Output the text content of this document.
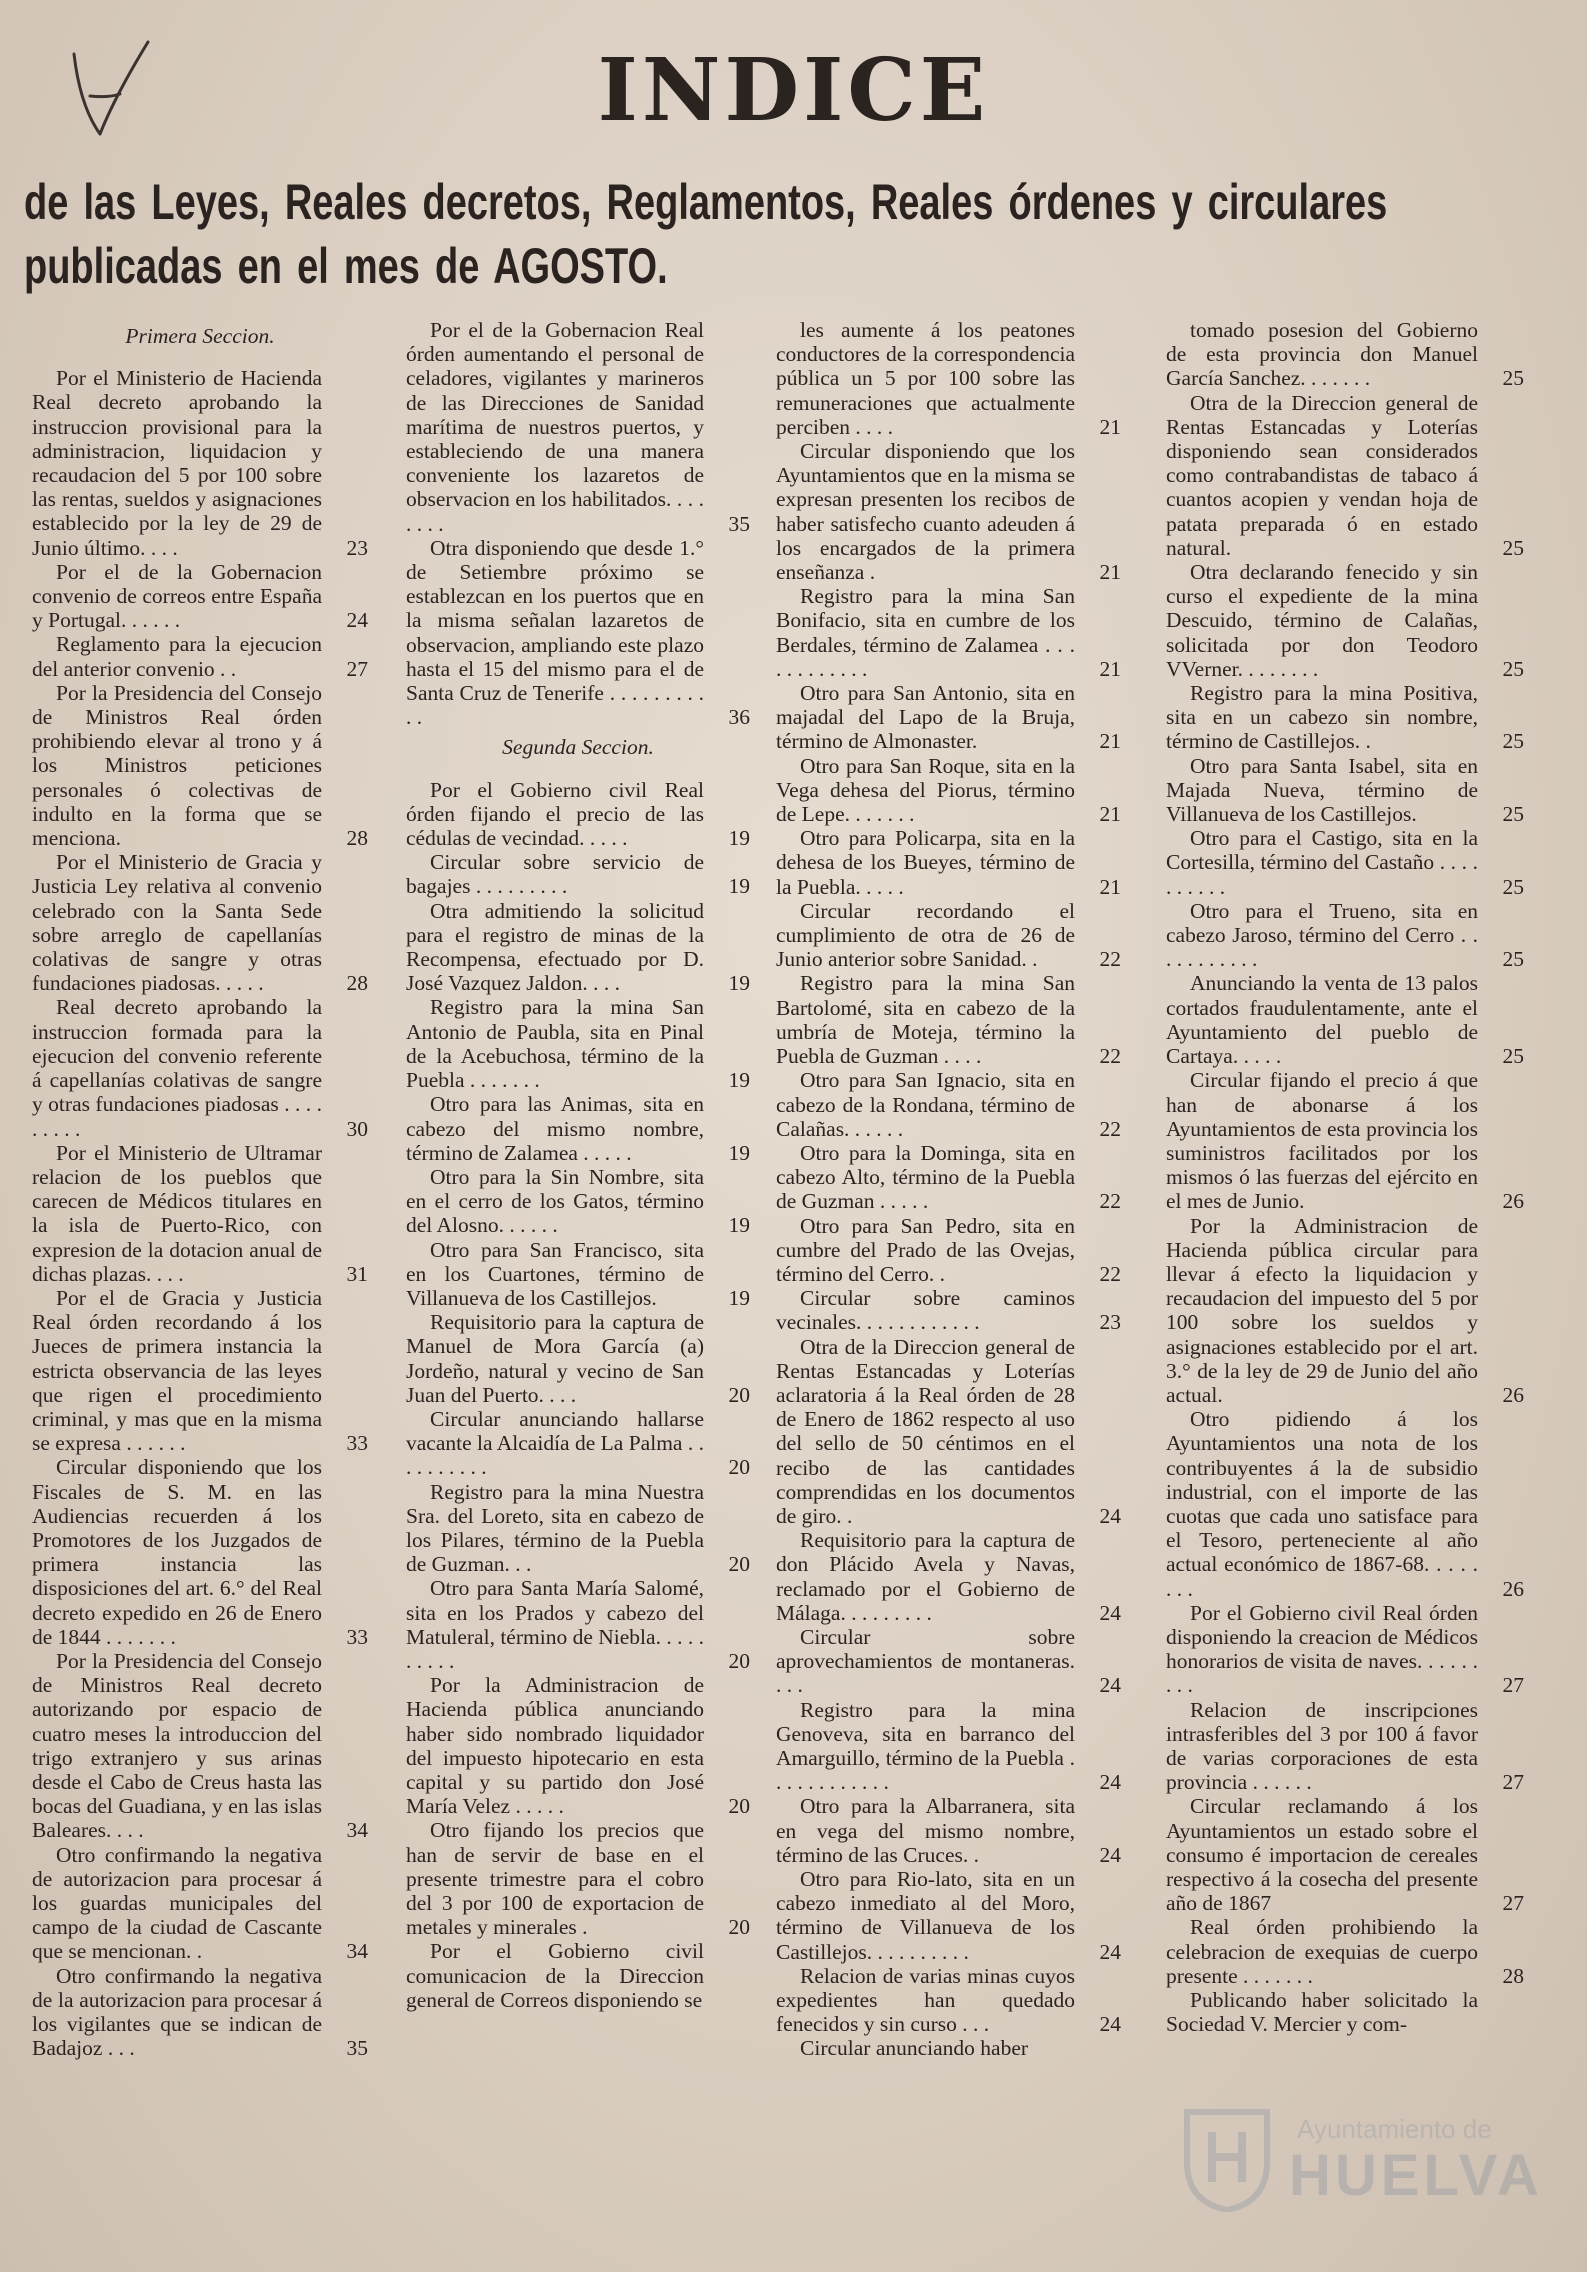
INDICE

de las Leyes, Reales decretos, Reglamentos, Reales órdenes y circulares publicadas en el mes de AGOSTO.

Primera Seccion.
Por el Ministerio de Hacienda Real decreto aprobando la instruccion provisional para la administracion, liquidacion y recaudacion del 5 por 100 sobre las rentas, sueldos y asignaciones establecido por la ley de 29 de Junio último. . . .	23
Por el de la Gobernacion convenio de correos entre España y Portugal. . . . . .	24
Reglamento para la ejecucion del anterior convenio . .	27
Por la Presidencia del Consejo de Ministros Real órden prohibiendo elevar al trono y á los Ministros peticiones personales ó colectivas de indulto en la forma que se menciona.	28
Por el Ministerio de Gracia y Justicia Ley relativa al convenio celebrado con la Santa Sede sobre arreglo de capellanías colativas de sangre y otras fundaciones piadosas. . . . .	28
Real decreto aprobando la instruccion formada para la ejecucion del convenio referente á capellanías colativas de sangre y otras fundaciones piadosas . . . . . . . . .	30
Por el Ministerio de Ultramar relacion de los pueblos que carecen de Médicos titulares en la isla de Puerto-Rico, con expresion de la dotacion anual de dichas plazas. . . .	31
Por el de Gracia y Justicia Real órden recordando á los Jueces de primera instancia la estricta observancia de las leyes que rigen el procedimiento criminal, y mas que en la misma se expresa . . . . . .	33
Circular disponiendo que los Fiscales de S. M. en las Audiencias recuerden á los Promotores de los Juzgados de primera instancia las disposiciones del art. 6.° del Real decreto expedido en 26 de Enero de 1844 . . . . . . .	33
Por la Presidencia del Consejo de Ministros Real decreto autorizando por espacio de cuatro meses la introduccion del trigo extranjero y sus arinas desde el Cabo de Creus hasta las bocas del Guadiana, y en las islas Baleares. . . .	34
Otro confirmando la negativa de autorizacion para procesar á los guardas municipales del campo de la ciudad de Cascante que se mencionan. .	34
Otro confirmando la negativa de la autorizacion para procesar á los vigilantes que se indican de Badajoz . . .	35
Por el de la Gobernacion Real órden aumentando el personal de celadores, vigilantes y marineros de las Direcciones de Sanidad marítima de nuestros puertos, y estableciendo de una manera conveniente los lazaretos de observacion en los habilitados. . . . . . . .	35
Otra disponiendo que desde 1.° de Setiembre próximo se establezcan en los puertos que en la misma señalan lazaretos de observacion, ampliando este plazo hasta el 15 del mismo para el de Santa Cruz de Tenerife . . . . . . . . . . .	36
Segunda Seccion.
Por el Gobierno civil Real órden fijando el precio de las cédulas de vecindad. . . . .	19
Circular sobre servicio de bagajes . . . . . . . . .	19
Otra admitiendo la solicitud para el registro de minas de la Recompensa, efectuado por D. José Vazquez Jaldon. . . .	19
Registro para la mina San Antonio de Paubla, sita en Pinal de la Acebuchosa, término de la Puebla . . . . . . .	19
Otro para las Animas, sita en cabezo del mismo nombre, término de Zalamea . . . . .	19
Otro para la Sin Nombre, sita en el cerro de los Gatos, término del Alosno. . . . . .	19
Otro para San Francisco, sita en los Cuartones, término de Villanueva de los Castillejos.	19
Requisitorio para la captura de Manuel de Mora García (a) Jordeño, natural y vecino de San Juan del Puerto. . . .	20
Circular anunciando hallarse vacante la Alcaidía de La Palma . . . . . . . . . .	20
Registro para la mina Nuestra Sra. del Loreto, sita en cabezo de los Pilares, término de la Puebla de Guzman. . .	20
Otro para Santa María Salomé, sita en los Prados y cabezo del Matuleral, término de Niebla. . . . . . . . . .	20
Por la Administracion de Hacienda pública anunciando haber sido nombrado liquidador del impuesto hipotecario en esta capital y su partido don José María Velez . . . . .	20
Otro fijando los precios que han de servir de base en el presente trimestre para el cobro del 3 por 100 de exportacion de metales y minerales .	20
Por el Gobierno civil comunicacion de la Direccion general de Correos disponiendo se
les aumente á los peatones conductores de la correspondencia pública un 5 por 100 sobre las remuneraciones que actualmente perciben . . . .	21
Circular disponiendo que los Ayuntamientos que en la misma se expresan presenten los recibos de haber satisfecho cuanto adeuden á los encargados de la primera enseñanza .	21
Registro para la mina San Bonifacio, sita en cumbre de los Berdales, término de Zalamea . . . . . . . . . . . .	21
Otro para San Antonio, sita en majadal del Lapo de la Bruja, término de Almonaster.	21
Otro para San Roque, sita en la Vega dehesa del Piorus, término de Lepe. . . . . . .	21
Otro para Policarpa, sita en la dehesa de los Bueyes, término de la Puebla. . . . .	21
Circular recordando el cumplimiento de otra de 26 de Junio anterior sobre Sanidad. .	22
Registro para la mina San Bartolomé, sita en cabezo de la umbría de Moteja, término la Puebla de Guzman . . . .	22
Otro para San Ignacio, sita en cabezo de la Rondana, término de Calañas. . . . . .	22
Otro para la Dominga, sita en cabezo Alto, término de la Puebla de Guzman . . . . .	22
Otro para San Pedro, sita en cumbre del Prado de las Ovejas, término del Cerro. .	22
Circular sobre caminos vecinales. . . . . . . . . . . .	23
Otra de la Direccion general de Rentas Estancadas y Loterías aclaratoria á la Real órden de 28 de Enero de 1862 respecto al uso del sello de 50 céntimos en el recibo de las cantidades comprendidas en los documentos de giro. .	24
Requisitorio para la captura de don Plácido Avela y Navas, reclamado por el Gobierno de Málaga. . . . . . . . .	24
Circular sobre aprovechamientos de montaneras. . . .	24
Registro para la mina Genoveva, sita en barranco del Amarguillo, término de la Puebla . . . . . . . . . . . .	24
Otro para la Albarranera, sita en vega del mismo nombre, término de las Cruces. .	24
Otro para Rio-lato, sita en un cabezo inmediato al del Moro, término de Villanueva de los Castillejos. . . . . . . . . .	24
Relacion de varias minas cuyos expedientes han quedado fenecidos y sin curso . . .	24
Circular anunciando haber
tomado posesion del Gobierno de esta provincia don Manuel García Sanchez. . . . . . .	25
Otra de la Direccion general de Rentas Estancadas y Loterías disponiendo sean considerados como contrabandistas de tabaco á cuantos acopien y vendan hoja de patata preparada ó en estado natural.	25
Otra declarando fenecido y sin curso el expediente de la mina Descuido, término de Calañas, solicitada por don Teodoro VVerner. . . . . . . .	25
Registro para la mina Positiva, sita en un cabezo sin nombre, término de Castillejos. .	25
Otro para Santa Isabel, sita en Majada Nueva, término de Villanueva de los Castillejos.	25
Otro para el Castigo, sita en la Cortesilla, término del Castaño . . . . . . . . . .	25
Otro para el Trueno, sita en cabezo Jaroso, término del Cerro . . . . . . . . . . .	25
Anunciando la venta de 13 palos cortados fraudulentamente, ante el Ayuntamiento del pueblo de Cartaya. . . . .	25
Circular fijando el precio á que han de abonarse á los Ayuntamientos de esta provincia los suministros facilitados por los mismos ó las fuerzas del ejército en el mes de Junio.	26
Por la Administracion de Hacienda pública circular para llevar á efecto la liquidacion y recaudacion del impuesto del 5 por 100 sobre los sueldos y asignaciones establecido por el art. 3.° de la ley de 29 de Junio del año actual.	26
Otro pidiendo á los Ayuntamientos una nota de los contribuyentes á la de subsidio industrial, con el importe de las cuotas que cada uno satisface para el Tesoro, perteneciente al año actual económico de 1867-68. . . . . . . .	26
Por el Gobierno civil Real órden disponiendo la creacion de Médicos honorarios de visita de naves. . . . . . . . .	27
Relacion de inscripciones intrasferibles del 3 por 100 á favor de varias corporaciones de esta provincia . . . . . .	27
Circular reclamando á los Ayuntamientos un estado sobre el consumo é importacion de cereales respectivo á la cosecha del presente año de 1867	27
Real órden prohibiendo la celebracion de exequias de cuerpo presente . . . . . . .	28
Publicando haber solicitado la Sociedad V. Mercier y com-
Ayuntamiento de
HUELVA
